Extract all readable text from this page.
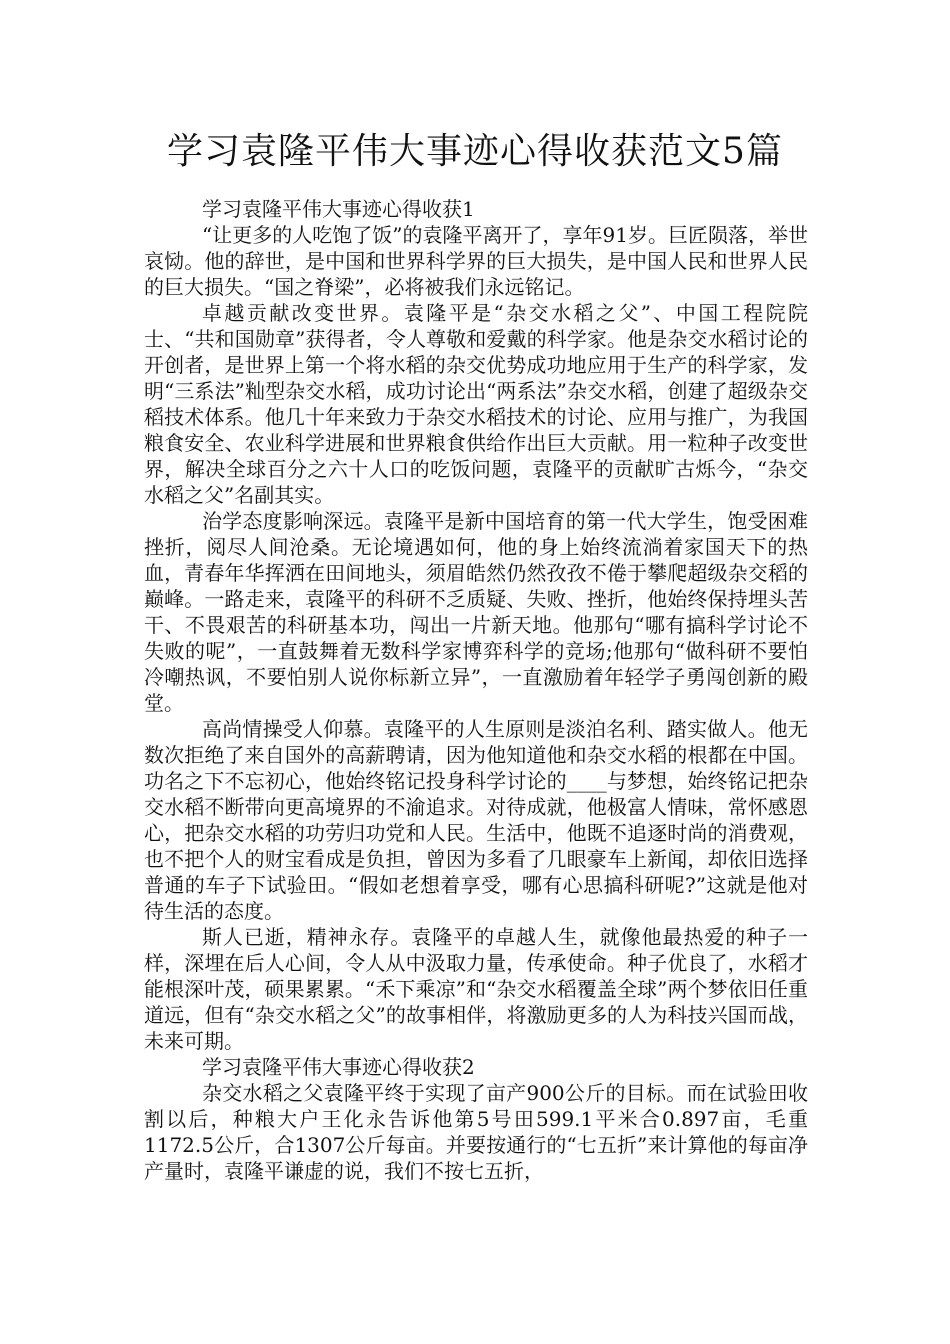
学习袁隆平伟大事迹心得收获范文5篇
学习袁隆平伟大事迹心得收获1

“让更多的人吃饱了饭”的袁隆平离开了，享年91岁。巨匠陨落，举世哀恸。他的辞世，是中国和世界科学界的巨大损失，是中国人民和世界人民的巨大损失。“国之脊梁”，必将被我们永远铭记。

卓越贡献改变世界。袁隆平是“杂交水稻之父”、中国工程院院士、“共和国勋章”获得者，令人尊敬和爱戴的科学家。他是杂交水稻讨论的开创者，是世界上第一个将水稻的杂交优势成功地应用于生产的科学家，发明“三系法”籼型杂交水稻，成功讨论出“两系法”杂交水稻，创建了超级杂交稻技术体系。他几十年来致力于杂交水稻技术的讨论、应用与推广，为我国粮食安全、农业科学进展和世界粮食供给作出巨大贡献。用一粒种子改变世界，解决全球百分之六十人口的吃饭问题，袁隆平的贡献旷古烁今，“杂交水稻之父”名副其实。

治学态度影响深远。袁隆平是新中国培育的第一代大学生，饱受困难挫折，阅尽人间沧桑。无论境遇如何，他的身上始终流淌着家国天下的热血，青春年华挥洒在田间地头，须眉皓然仍然孜孜不倦于攀爬超级杂交稻的巅峰。一路走来，袁隆平的科研不乏质疑、失败、挫折，他始终保持埋头苦干、不畏艰苦的科研基本功，闯出一片新天地。他那句“哪有搞科学讨论不失败的呢”，一直鼓舞着无数科学家博弈科学的竞场;他那句“做科研不要怕冷嘲热讽，不要怕别人说你标新立异”，一直激励着年轻学子勇闯创新的殿堂。

高尚情操受人仰慕。袁隆平的人生原则是淡泊名利、踏实做人。他无数次拒绝了来自国外的高薪聘请，因为他知道他和杂交水稻的根都在中国。功名之下不忘初心，他始终铭记投身科学讨论的____与梦想，始终铭记把杂交水稻不断带向更高境界的不渝追求。对待成就，他极富人情味，常怀感恩心，把杂交水稻的功劳归功党和人民。生活中，他既不追逐时尚的消费观，也不把个人的财宝看成是负担，曾因为多看了几眼豪车上新闻，却依旧选择普通的车子下试验田。“假如老想着享受，哪有心思搞科研呢?”这就是他对待生活的态度。

斯人已逝，精神永存。袁隆平的卓越人生，就像他最热爱的种子一样，深埋在后人心间，令人从中汲取力量，传承使命。种子优良了，水稻才能根深叶茂，硕果累累。“禾下乘凉”和“杂交水稻覆盖全球”两个梦依旧任重道远，但有“杂交水稻之父”的故事相伴，将激励更多的人为科技兴国而战，未来可期。

学习袁隆平伟大事迹心得收获2

杂交水稻之父袁隆平终于实现了亩产900公斤的目标。而在试验田收割以后，种粮大户王化永告诉他第5号田599.1平米合0.897亩，毛重1172.5公斤，合1307公斤每亩。并要按通行的“七五折”来计算他的每亩净产量时，袁隆平谦虚的说，我们不按七五折，
